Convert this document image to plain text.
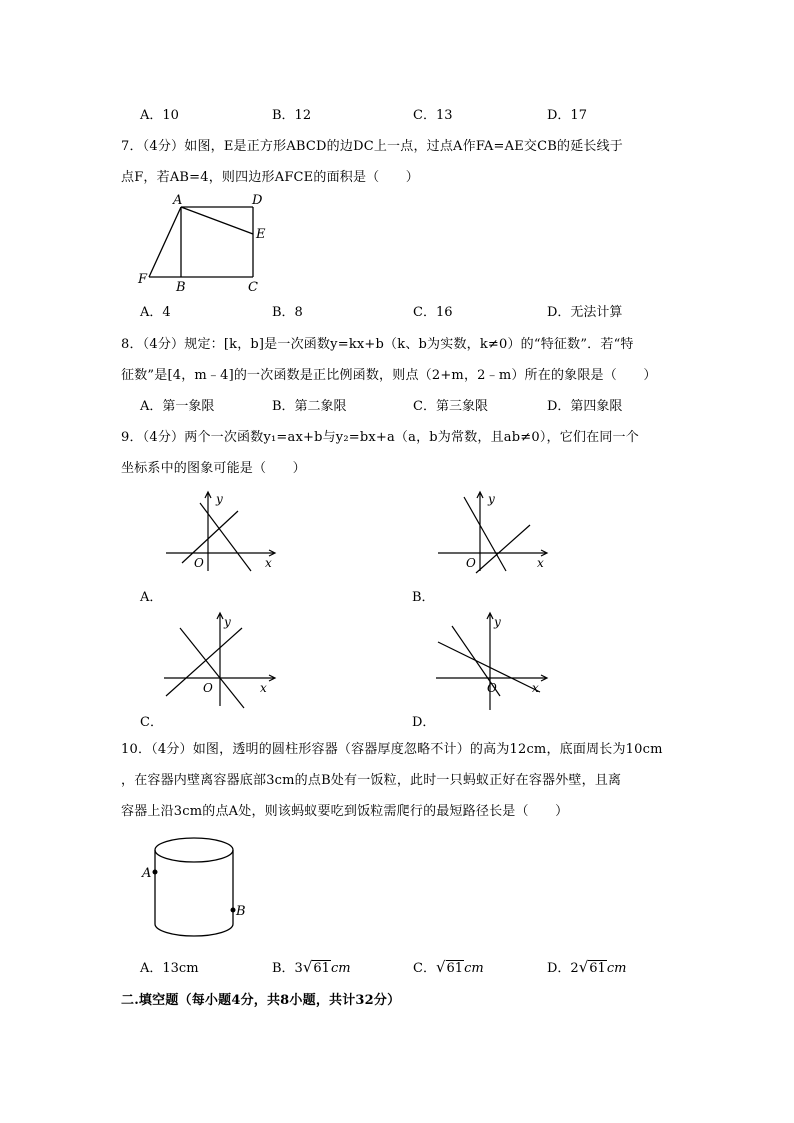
A．10	B．12	C．13	D．17
7．（4分）如图，E是正方形ABCD的边DC上一点，过点A作FA=AE交CB的延长线于
点F，若AB=4，则四边形AFCE的面积是（　　）
A	D
E
F
B	C
A．4	B．8	C．16	D．无法计算
8．（4分）规定：[k，b]是一次函数y=kx+b（k、b为实数，k≠0）的“特征数”．若“特
征数”是[4，m﹣4]的一次函数是正比例函数，则点（2+m，2﹣m）所在的象限是（　　）
A．第一象限	B．第二象限	C．第三象限	D．第四象限
9．（4分）两个一次函数y₁=ax+b与y₂=bx+a（a，b为常数，且ab≠0），它们在同一个
坐标系中的图象可能是（　　）
y
x
O
A．
y
x
O
B．
y
x
O
C．
y
x
O
D．
10．（4分）如图，透明的圆柱形容器（容器厚度忽略不计）的高为12cm，底面周长为10cm
，在容器内壁离容器底部3cm的点B处有一饭粒，此时一只蚂蚁正好在容器外壁，且离
容器上沿3cm的点A处，则该蚂蚁要吃到饭粒需爬行的最短路径长是（　　）
A
B
A．13cm	B．3√61cm	C．√61cm	D．2√61cm
二.填空题（每小题4分，共8小题，共计32分）
